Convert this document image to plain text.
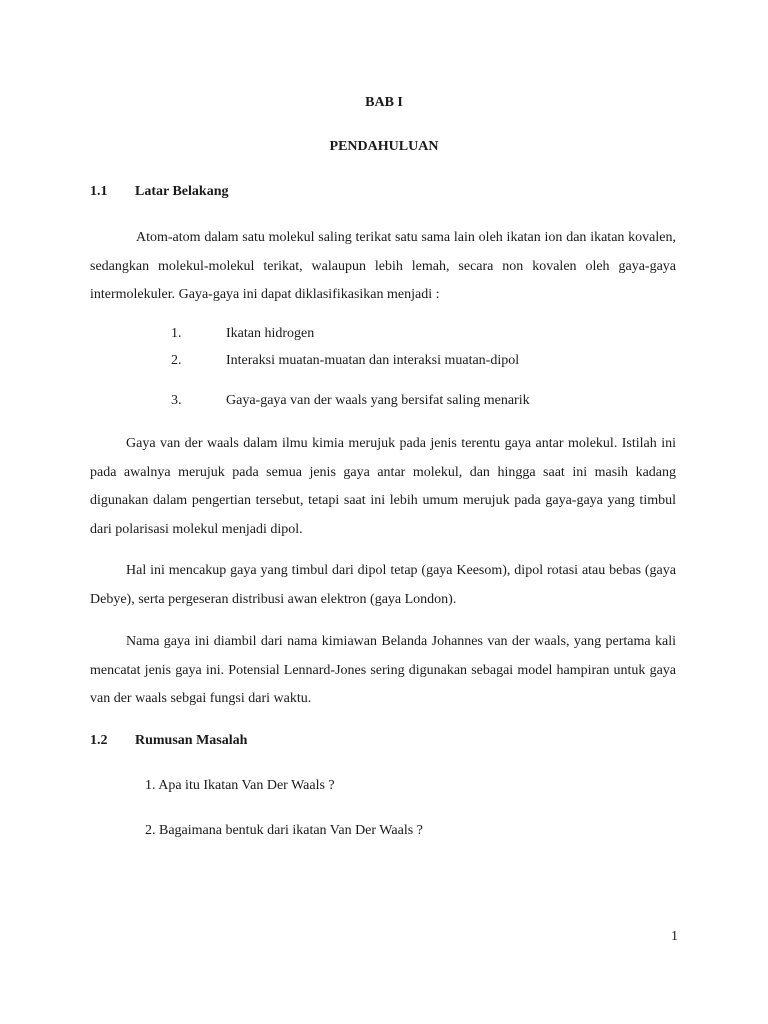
BAB I
PENDAHULUAN
1.1 Latar Belakang

Atom-atom dalam satu molekul saling terikat satu sama lain oleh ikatan ion dan ikatan kovalen, sedangkan molekul-molekul terikat, walaupun lebih lemah, secara non kovalen oleh gaya-gaya intermolekuler. Gaya-gaya ini dapat diklasifikasikan menjadi :

1.	Ikatan hidrogen
2.	Interaksi muatan-muatan dan interaksi muatan-dipol
3.	Gaya-gaya van der waals yang bersifat saling menarik

Gaya van der waals dalam ilmu kimia merujuk pada jenis terentu gaya antar molekul. Istilah ini pada awalnya merujuk pada semua jenis gaya antar molekul, dan hingga saat ini masih kadang digunakan dalam pengertian tersebut, tetapi saat ini lebih umum merujuk pada gaya-gaya yang timbul dari polarisasi molekul menjadi dipol.

Hal ini mencakup gaya yang timbul dari dipol tetap (gaya Keesom), dipol rotasi atau bebas (gaya Debye), serta pergeseran distribusi awan elektron (gaya London).

Nama gaya ini diambil dari nama kimiawan Belanda Johannes van der waals, yang pertama kali mencatat jenis gaya ini. Potensial Lennard-Jones sering digunakan sebagai model hampiran untuk gaya van der waals sebgai fungsi dari waktu.

1.2 Rumusan Masalah
1. Apa itu Ikatan Van Der Waals ?
2. Bagaimana bentuk dari ikatan Van Der Waals ?
1
